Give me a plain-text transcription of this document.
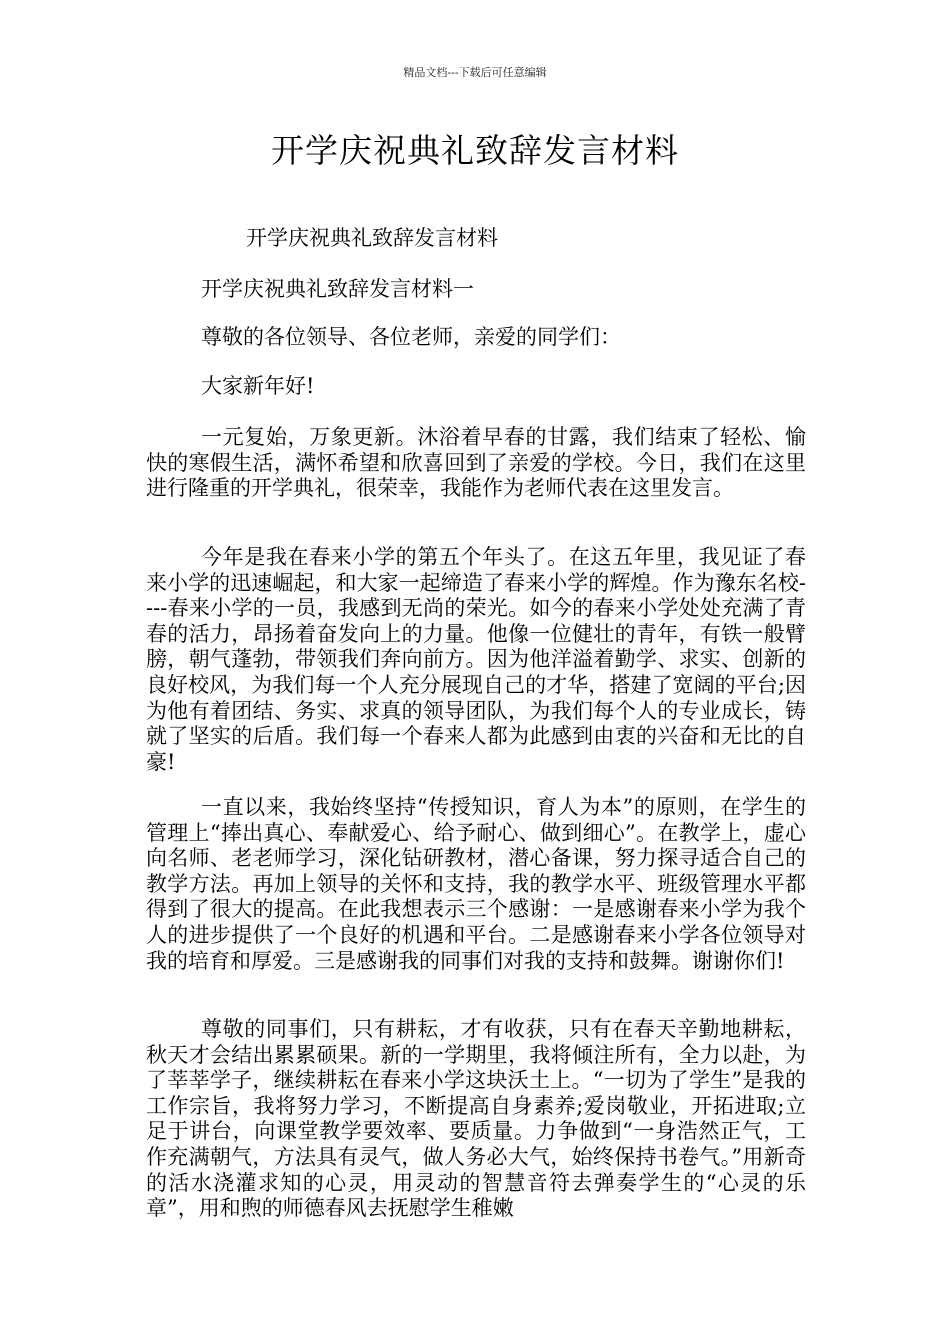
精品文档---下载后可任意编辑
开学庆祝典礼致辞发言材料
开学庆祝典礼致辞发言材料
开学庆祝典礼致辞发言材料一
尊敬的各位领导、各位老师，亲爱的同学们：
大家新年好!
一元复始，万象更新。沐浴着早春的甘露，我们结束了轻松、愉快的寒假生活，满怀希望和欣喜回到了亲爱的学校。今日，我们在这里进行隆重的开学典礼，很荣幸，我能作为老师代表在这里发言。
今年是我在春来小学的第五个年头了。在这五年里，我见证了春来小学的迅速崛起，和大家一起缔造了春来小学的辉煌。作为豫东名校----春来小学的一员，我感到无尚的荣光。如今的春来小学处处充满了青春的活力，昂扬着奋发向上的力量。他像一位健壮的青年，有铁一般臂膀，朝气蓬勃，带领我们奔向前方。因为他洋溢着勤学、求实、创新的良好校风，为我们每一个人充分展现自己的才华，搭建了宽阔的平台;因为他有着团结、务实、求真的领导团队，为我们每个人的专业成长，铸就了坚实的后盾。我们每一个春来人都为此感到由衷的兴奋和无比的自豪!
一直以来，我始终坚持“传授知识，育人为本”的原则，在学生的管理上“捧出真心、奉献爱心、给予耐心、做到细心”。在教学上，虚心向名师、老老师学习，深化钻研教材，潜心备课，努力探寻适合自己的教学方法。再加上领导的关怀和支持，我的教学水平、班级管理水平都得到了很大的提高。在此我想表示三个感谢：一是感谢春来小学为我个人的进步提供了一个良好的机遇和平台。二是感谢春来小学各位领导对我的培育和厚爱。三是感谢我的同事们对我的支持和鼓舞。谢谢你们!
尊敬的同事们，只有耕耘，才有收获，只有在春天辛勤地耕耘，秋天才会结出累累硕果。新的一学期里，我将倾注所有，全力以赴，为了莘莘学子，继续耕耘在春来小学这块沃土上。“一切为了学生”是我的工作宗旨，我将努力学习，不断提高自身素养;爱岗敬业，开拓进取;立足于讲台，向课堂教学要效率、要质量。力争做到“一身浩然正气，工作充满朝气，方法具有灵气，做人务必大气，始终保持书卷气。”用新奇的活水浇灌求知的心灵，用灵动的智慧音符去弹奏学生的“心灵的乐章”，用和煦的师德春风去抚慰学生稚嫩
